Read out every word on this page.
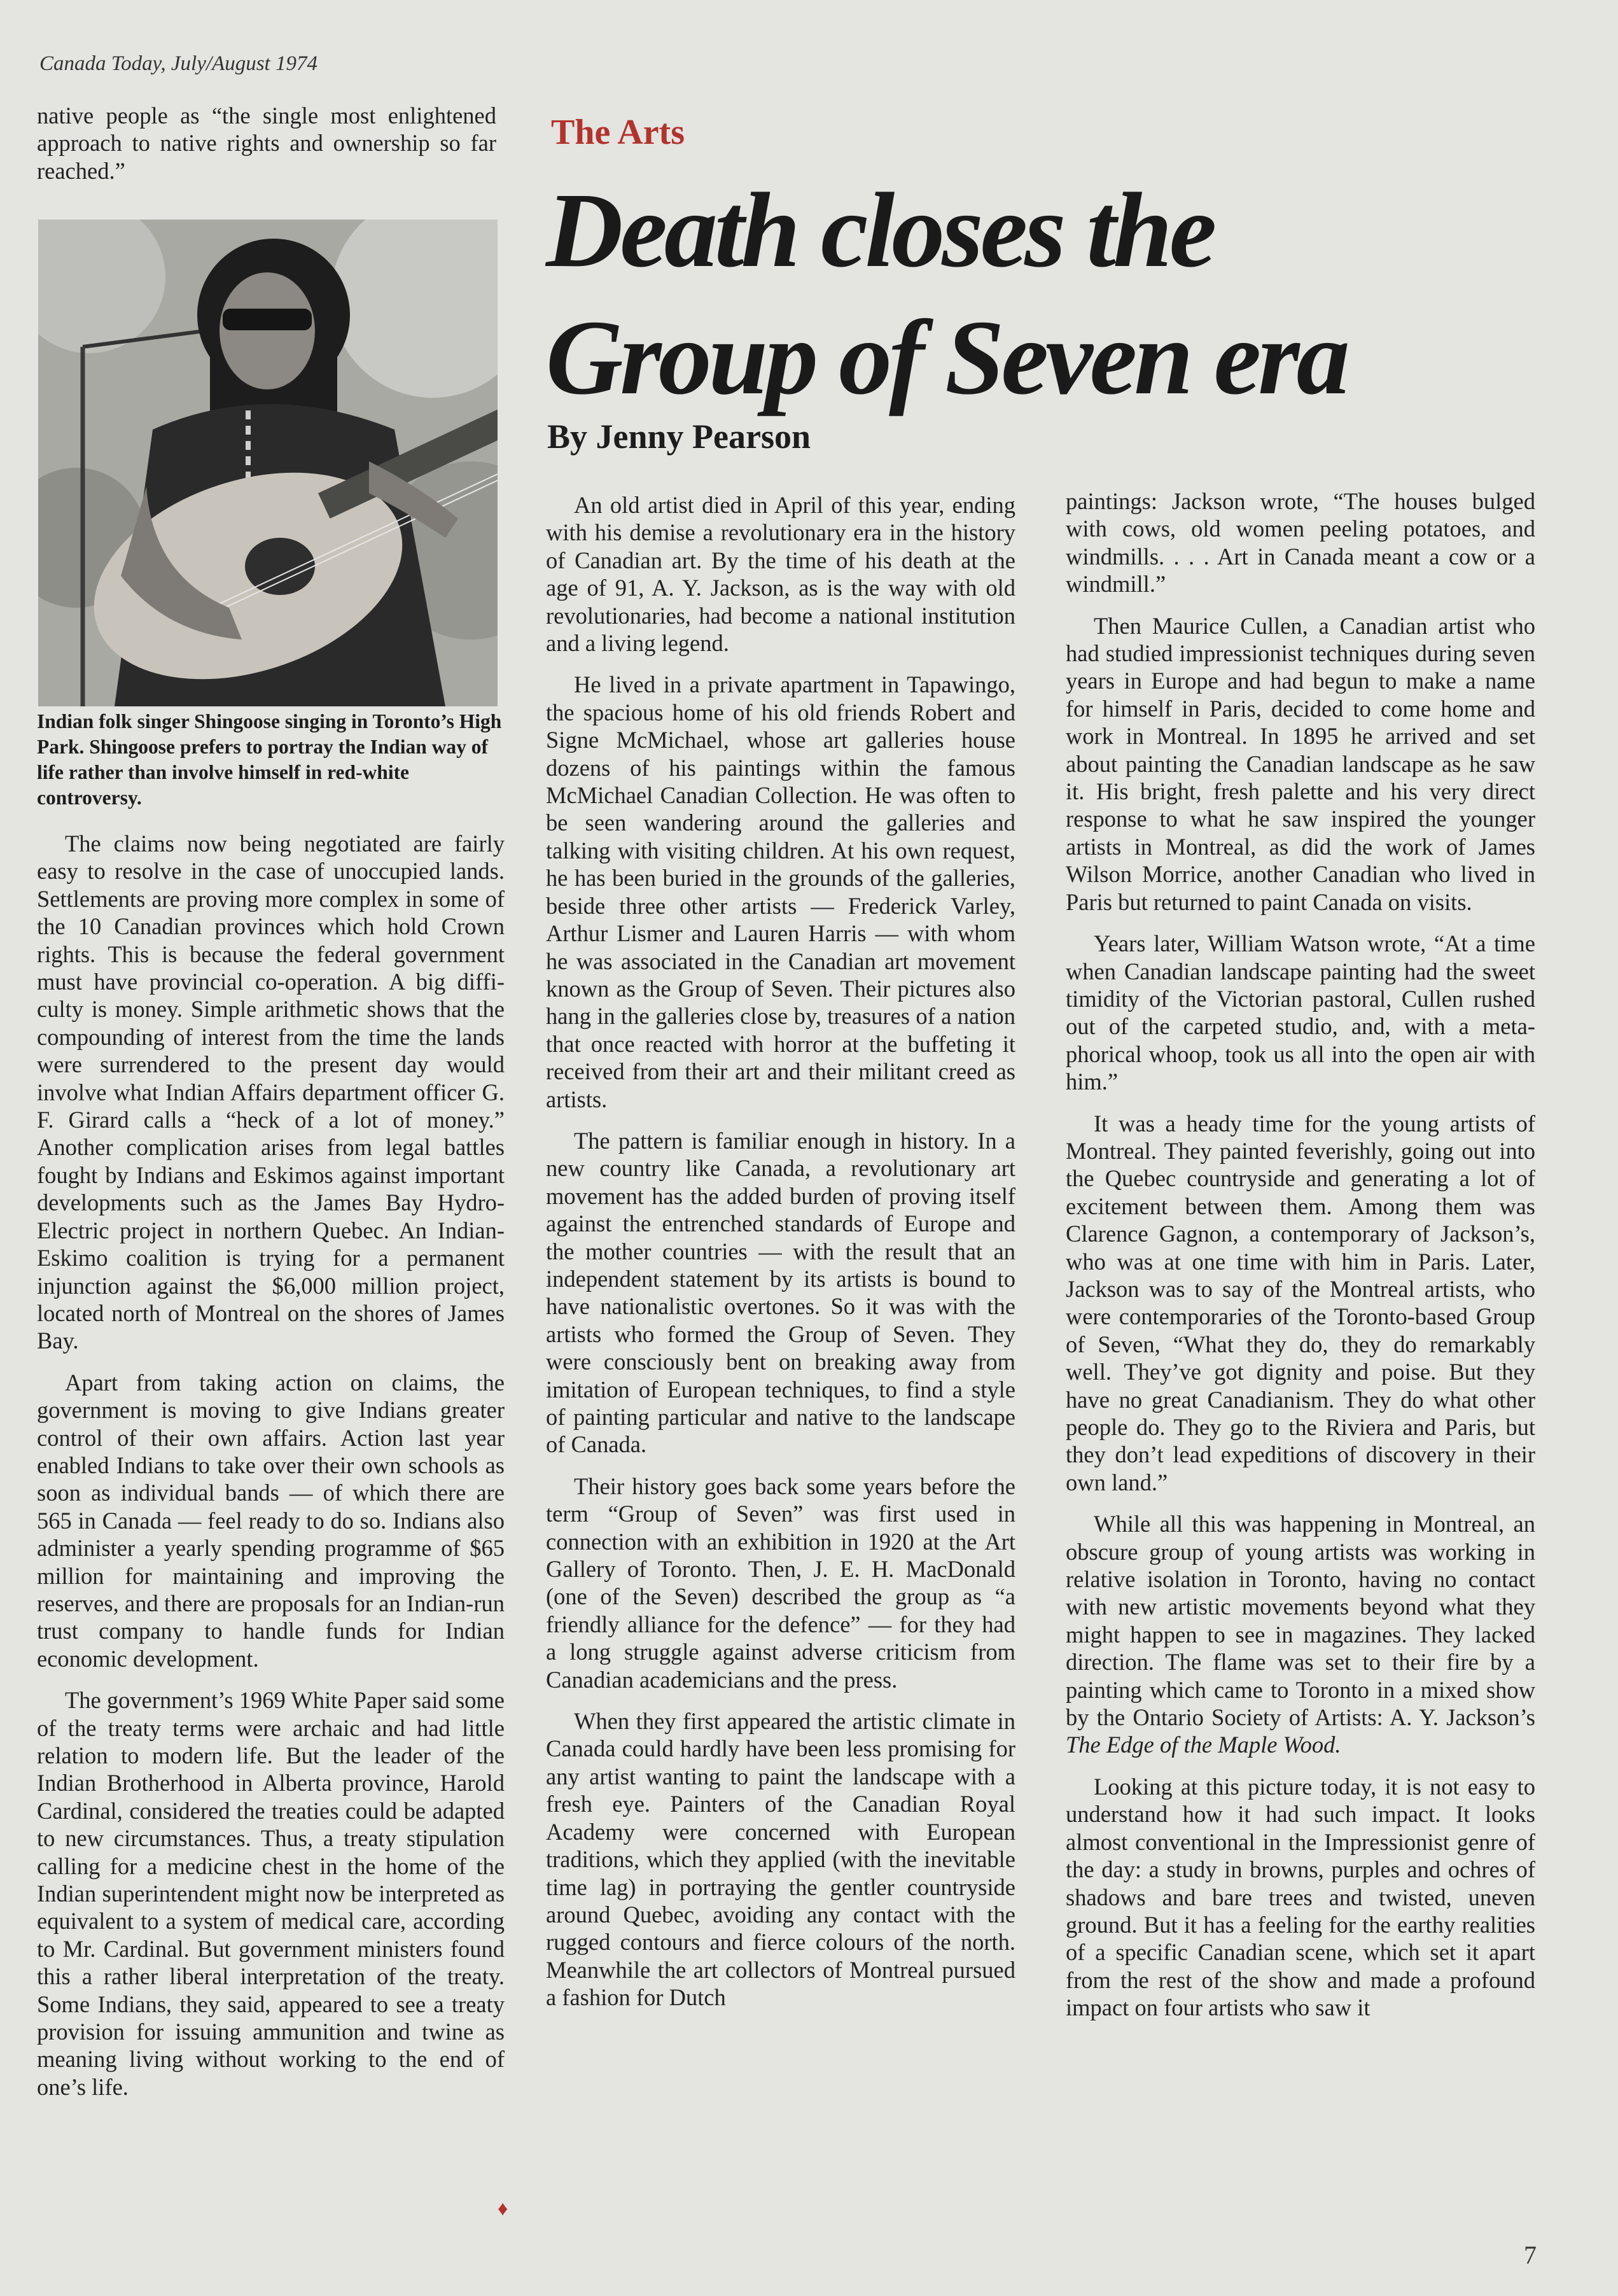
Canada Today, July/August 1974

native people as “the single most enlightened approach to native rights and ownership so far reached.”

Indian folk singer Shingoose singing in Toronto’s High Park. Shingoose prefers to portray the Indian way of life rather than involve himself in red-white controversy.

The claims now being negotiated are fairly easy to resolve in the case of unoccupied lands. Settlements are proving more complex in some of the 10 Canadian provinces which hold Crown rights. This is because the federal government must have provincial co-operation. A big difficulty is money. Simple arithmetic shows that the compounding of interest from the time the lands were surrendered to the present day would involve what Indian Affairs department officer G. F. Girard calls a “heck of a lot of money.” Another complication arises from legal battles fought by Indians and Eskimos against important developments such as the James Bay Hydro-Electric project in northern Quebec. An Indian-Eskimo coalition is trying for a permanent injunction against the $6,000 million project, located north of Montreal on the shores of James Bay.

Apart from taking action on claims, the government is moving to give Indians greater control of their own affairs. Action last year enabled Indians to take over their own schools as soon as individual bands — of which there are 565 in Canada — feel ready to do so. Indians also administer a yearly spending programme of $65 million for maintaining and improving the reserves, and there are proposals for an Indian-run trust company to handle funds for Indian economic development.

The government’s 1969 White Paper said some of the treaty terms were archaic and had little relation to modern life. But the leader of the Indian Brotherhood in Alberta province, Harold Cardinal, considered the treaties could be adapted to new circumstances. Thus, a treaty stipulation calling for a medicine chest in the home of the Indian superintendent might now be interpreted as equivalent to a system of medical care, according to Mr. Cardinal. But government ministers found this a rather liberal interpretation of the treaty. Some Indians, they said, appeared to see a treaty provision for issuing ammunition and twine as meaning living without working to the end of one’s life.

♦
The Arts
Death closes the
Group of Seven era
By Jenny Pearson

An old artist died in April of this year, ending with his demise a revolutionary era in the history of Canadian art. By the time of his death at the age of 91, A. Y. Jackson, as is the way with old revolutionaries, had become a national institution and a living legend.

He lived in a private apartment in Tapawingo, the spacious home of his old friends Robert and Signe McMichael, whose art galleries house dozens of his paintings within the famous McMichael Canadian Collection. He was often to be seen wandering around the galleries and talking with visiting children. At his own request, he has been buried in the grounds of the galleries, beside three other artists — Frederick Varley, Arthur Lismer and Lauren Harris — with whom he was associated in the Canadian art movement known as the Group of Seven. Their pictures also hang in the galleries close by, treasures of a nation that once reacted with horror at the buffeting it received from their art and their militant creed as artists.

The pattern is familiar enough in history. In a new country like Canada, a revolutionary art movement has the added burden of proving itself against the entrenched standards of Europe and the mother countries — with the result that an independent statement by its artists is bound to have nationalistic overtones. So it was with the artists who formed the Group of Seven. They were consciously bent on breaking away from imitation of European techniques, to find a style of painting particular and native to the landscape of Canada.

Their history goes back some years before the term “Group of Seven” was first used in connection with an exhibition in 1920 at the Art Gallery of Toronto. Then, J. E. H. MacDonald (one of the Seven) described the group as “a friendly alliance for the defence” — for they had a long struggle against adverse criticism from Canadian academicians and the press.

When they first appeared the artistic climate in Canada could hardly have been less promising for any artist wanting to paint the landscape with a fresh eye. Painters of the Canadian Royal Academy were concerned with European traditions, which they applied (with the inevitable time lag) in portraying the gentler countryside around Quebec, avoiding any contact with the rugged contours and fierce colours of the north. Meanwhile the art collectors of Montreal pursued a fashion for Dutch

paintings: Jackson wrote, “The houses bulged with cows, old women peeling potatoes, and windmills. . . . Art in Canada meant a cow or a windmill.”

Then Maurice Cullen, a Canadian artist who had studied impressionist techniques during seven years in Europe and had begun to make a name for himself in Paris, decided to come home and work in Montreal. In 1895 he arrived and set about painting the Canadian landscape as he saw it. His bright, fresh palette and his very direct response to what he saw inspired the younger artists in Montreal, as did the work of James Wilson Morrice, another Canadian who lived in Paris but returned to paint Canada on visits.

Years later, William Watson wrote, “At a time when Canadian landscape painting had the sweet timidity of the Victorian pastoral, Cullen rushed out of the carpeted studio, and, with a metaphorical whoop, took us all into the open air with him.”

It was a heady time for the young artists of Montreal. They painted feverishly, going out into the Quebec countryside and generating a lot of excitement between them. Among them was Clarence Gagnon, a contemporary of Jackson’s, who was at one time with him in Paris. Later, Jackson was to say of the Montreal artists, who were contemporaries of the Toronto-based Group of Seven, “What they do, they do remarkably well. They’ve got dignity and poise. But they have no great Canadianism. They do what other people do. They go to the Riviera and Paris, but they don’t lead expeditions of discovery in their own land.”

While all this was happening in Montreal, an obscure group of young artists was working in relative isolation in Toronto, having no contact with new artistic movements beyond what they might happen to see in magazines. They lacked direction. The flame was set to their fire by a painting which came to Toronto in a mixed show by the Ontario Society of Artists: A. Y. Jackson’s The Edge of the Maple Wood.

Looking at this picture today, it is not easy to understand how it had such impact. It looks almost conventional in the Impressionist genre of the day: a study in browns, purples and ochres of shadows and bare trees and twisted, uneven ground. But it has a feeling for the earthy realities of a specific Canadian scene, which set it apart from the rest of the show and made a profound impact on four artists who saw it

7
